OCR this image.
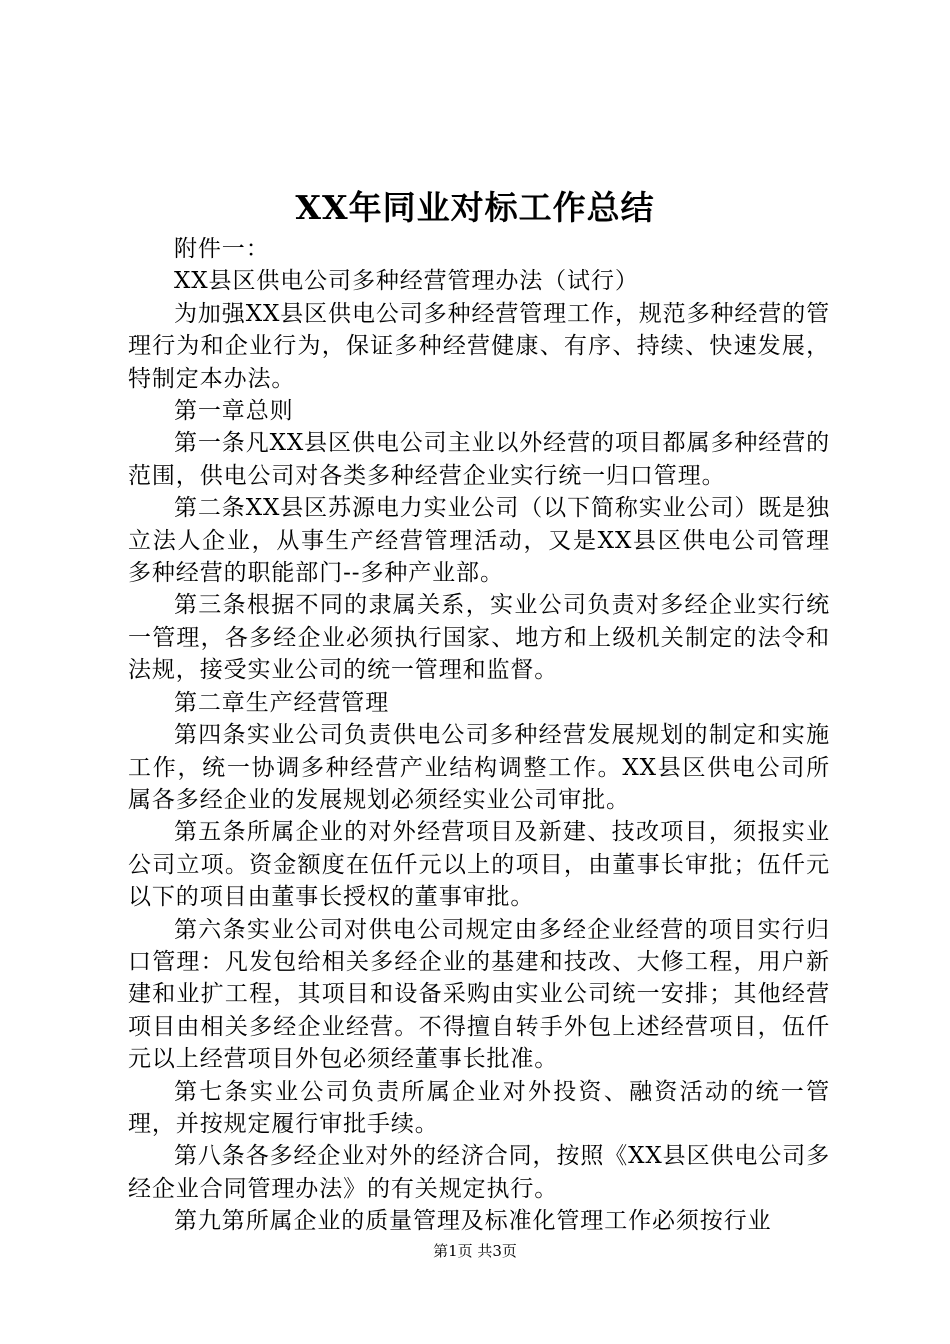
XX年同业对标工作总结

附件一：

XX县区供电公司多种经营管理办法（试行）

为加强XX县区供电公司多种经营管理工作，规范多种经营的管理行为和企业行为，保证多种经营健康、有序、持续、快速发展，特制定本办法。

第一章总则

第一条凡XX县区供电公司主业以外经营的项目都属多种经营的范围，供电公司对各类多种经营企业实行统一归口管理。

第二条XX县区苏源电力实业公司（以下简称实业公司）既是独立法人企业，从事生产经营管理活动，又是XX县区供电公司管理多种经营的职能部门--多种产业部。

第三条根据不同的隶属关系，实业公司负责对多经企业实行统一管理，各多经企业必须执行国家、地方和上级机关制定的法令和法规，接受实业公司的统一管理和监督。

第二章生产经营管理

第四条实业公司负责供电公司多种经营发展规划的制定和实施工作，统一协调多种经营产业结构调整工作。XX县区供电公司所属各多经企业的发展规划必须经实业公司审批。

第五条所属企业的对外经营项目及新建、技改项目，须报实业公司立项。资金额度在伍仟元以上的项目，由董事长审批；伍仟元以下的项目由董事长授权的董事审批。

第六条实业公司对供电公司规定由多经企业经营的项目实行归口管理：凡发包给相关多经企业的基建和技改、大修工程，用户新建和业扩工程，其项目和设备采购由实业公司统一安排；其他经营项目由相关多经企业经营。不得擅自转手外包上述经营项目，伍仟元以上经营项目外包必须经董事长批准。

第七条实业公司负责所属企业对外投资、融资活动的统一管理，并按规定履行审批手续。

第八条各多经企业对外的经济合同，按照《XX县区供电公司多经企业合同管理办法》的有关规定执行。

第九第所属企业的质量管理及标准化管理工作必须按行业

第1页 共3页
